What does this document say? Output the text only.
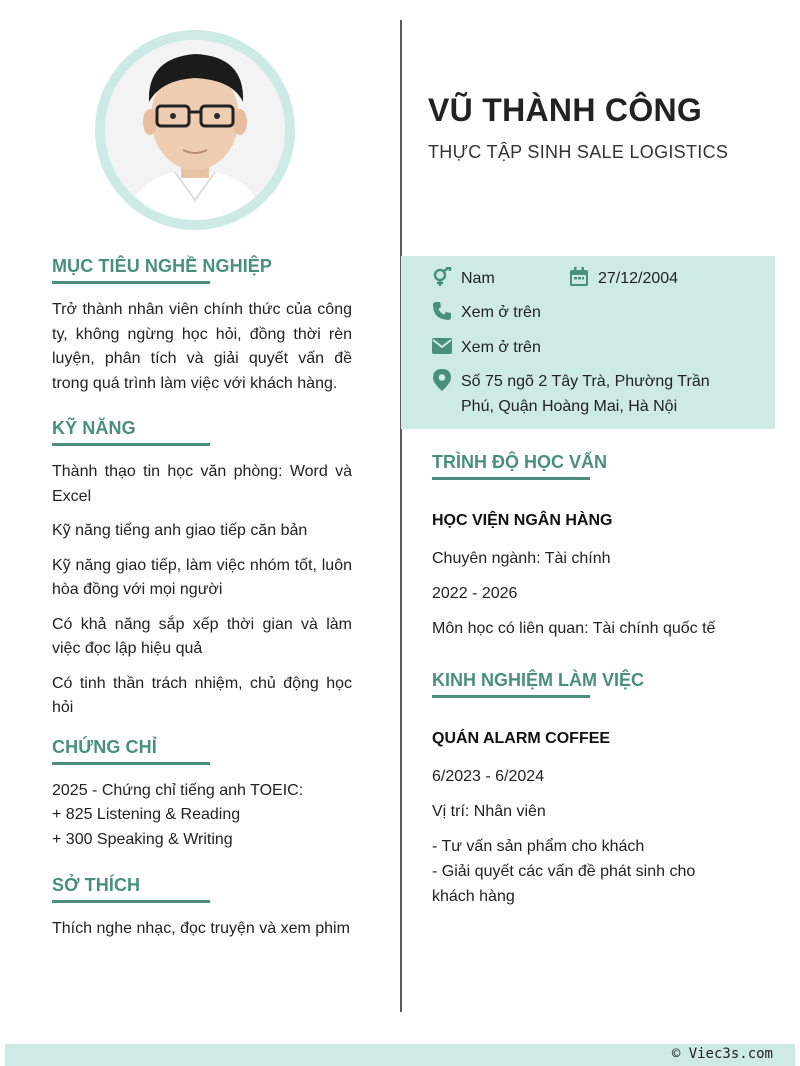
VŨ THÀNH CÔNG
THỰC TẬP SINH SALE LOGISTICS
Nam	27/12/2004
Xem ở trên
Xem ở trên
Số 75 ngõ 2 Tây Trà, Phường Trần Phú, Quận Hoàng Mai, Hà Nội
MỤC TIÊU NGHỀ NGHIỆP
Trở thành nhân viên chính thức của công ty, không ngừng học hỏi, đồng thời rèn luyện, phân tích và giải quyết vấn đề trong quá trình làm việc với khách hàng.
KỸ NĂNG
Thành thạo tin học văn phòng: Word và Excel
Kỹ năng tiếng anh giao tiếp căn bản
Kỹ năng giao tiếp, làm việc nhóm tốt, luôn hòa đồng với mọi người
Có khả năng sắp xếp thời gian và làm việc đọc lập hiệu quả
Có tinh thần trách nhiệm, chủ động học hỏi
CHỨNG CHỈ
2025 - Chứng chỉ tiếng anh TOEIC:
+ 825 Listening & Reading
+ 300 Speaking & Writing
SỞ THÍCH
Thích nghe nhạc, đọc truyện và xem phim
TRÌNH ĐỘ HỌC VẤN
HỌC VIỆN NGÂN HÀNG
Chuyên ngành: Tài chính
2022 - 2026
Môn học có liên quan: Tài chính quốc tế
KINH NGHIỆM LÀM VIỆC
QUÁN ALARM COFFEE
6/2023 - 6/2024
Vị trí: Nhân viên
- Tư vấn sản phẩm cho khách
- Giải quyết các vấn đề phát sinh cho khách hàng
© Viec3s.com
